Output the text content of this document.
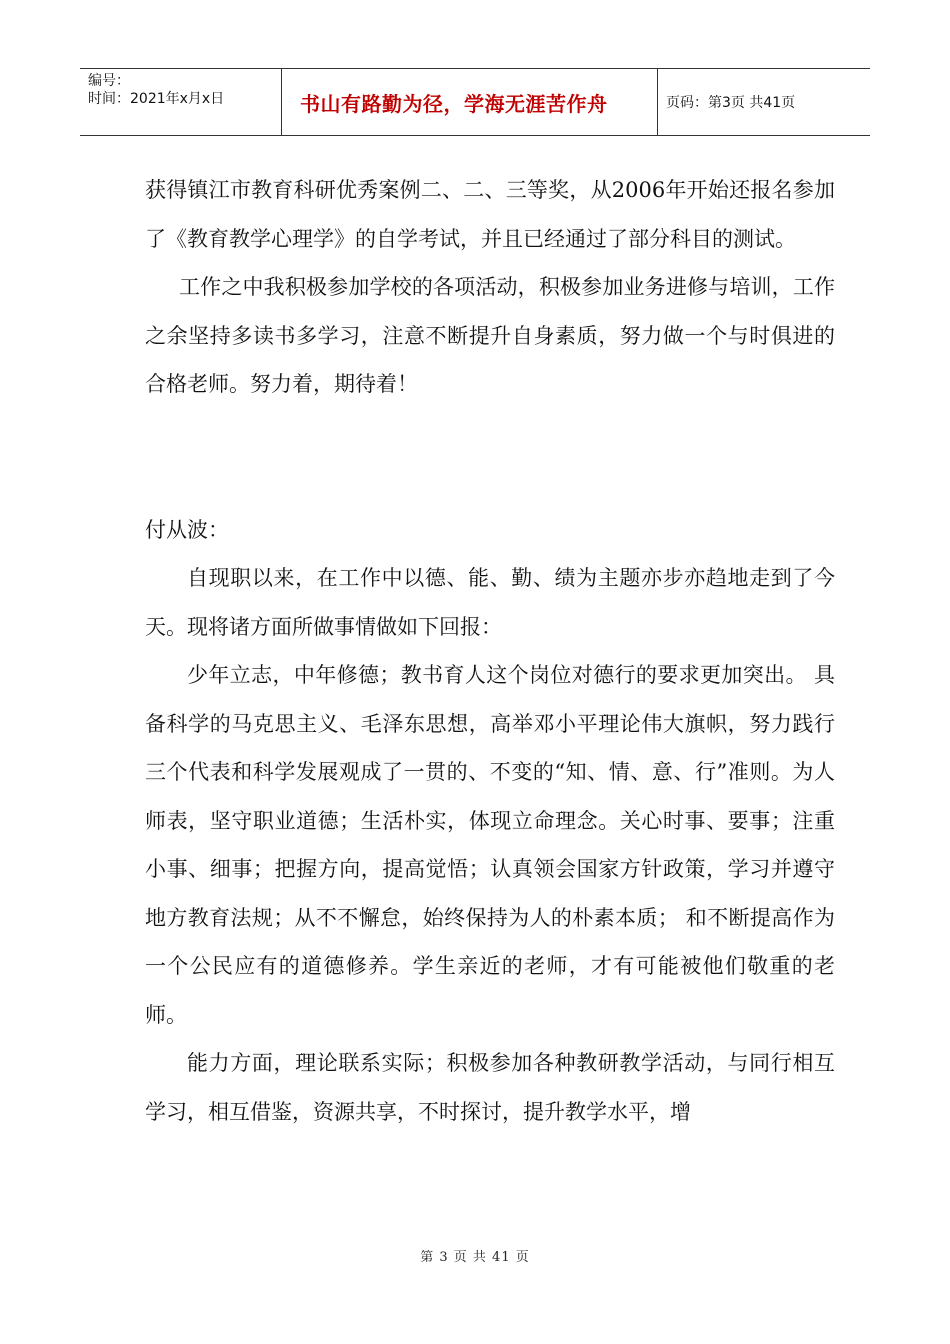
编号：
时间：2021年x月x日	书山有路勤为径，学海无涯苦作舟	页码：第3页 共41页

获得镇江市教育科研优秀案例二、二、三等奖，从2006年开始还报名参加了《教育教学心理学》的自学考试，并且已经通过了部分科目的测试。

工作之中我积极参加学校的各项活动，积极参加业务进修与培训，工作之余坚持多读书多学习，注意不断提升自身素质，努力做一个与时俱进的合格老师。努力着，期待着！

付从波：

自现职以来，在工作中以德、能、勤、绩为主题亦步亦趋地走到了今天。现将诸方面所做事情做如下回报：

少年立志，中年修德；教书育人这个岗位对德行的要求更加突出。 具备科学的马克思主义、毛泽东思想，高举邓小平理论伟大旗帜，努力践行三个代表和科学发展观成了一贯的、不变的“知、情、意、行”准则。为人师表，坚守职业道德；生活朴实，体现立命理念。关心时事、要事；注重小事、细事；把握方向，提高觉悟；认真领会国家方针政策，学习并遵守地方教育法规；从不不懈怠，始终保持为人的朴素本质； 和不断提高作为一个公民应有的道德修养。学生亲近的老师，才有可能被他们敬重的老师。

能力方面，理论联系实际；积极参加各种教研教学活动，与同行相互学习，相互借鉴，资源共享，不时探讨，提升教学水平，增

第 3 页 共 41 页
